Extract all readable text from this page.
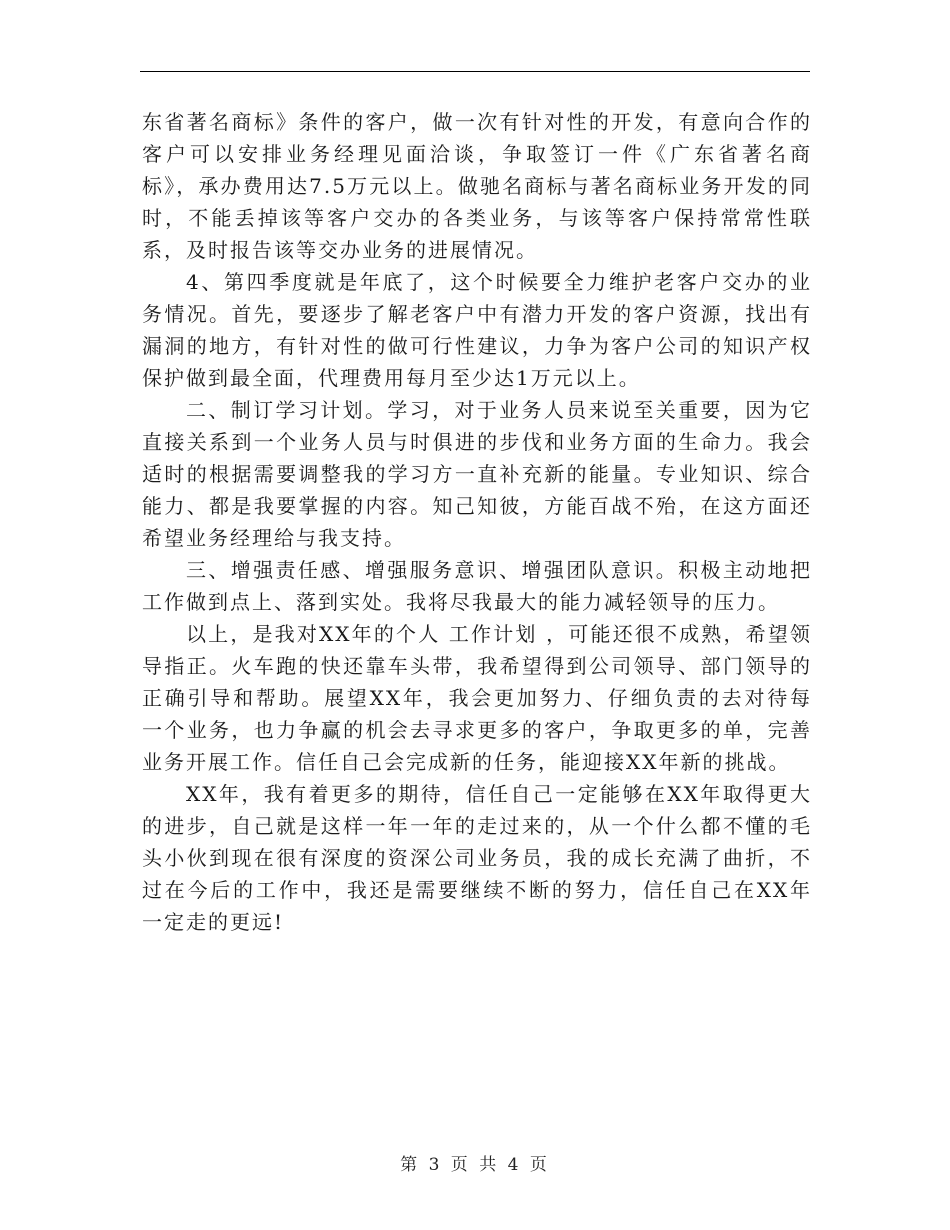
东省著名商标》条件的客户，做一次有针对性的开发，有意向合作的客户可以安排业务经理见面洽谈，争取签订一件《广东省著名商标》，承办费用达7.5万元以上。做驰名商标与著名商标业务开发的同时，不能丢掉该等客户交办的各类业务，与该等客户保持常常性联系，及时报告该等交办业务的进展情况。

4、第四季度就是年底了，这个时候要全力维护老客户交办的业务情况。首先，要逐步了解老客户中有潜力开发的客户资源，找出有漏洞的地方，有针对性的做可行性建议，力争为客户公司的知识产权保护做到最全面，代理费用每月至少达1万元以上。

二、制订学习计划。学习，对于业务人员来说至关重要，因为它直接关系到一个业务人员与时俱进的步伐和业务方面的生命力。我会适时的根据需要调整我的学习方一直补充新的能量。专业知识、综合能力、都是我要掌握的内容。知己知彼，方能百战不殆，在这方面还希望业务经理给与我支持。

三、增强责任感、增强服务意识、增强团队意识。积极主动地把工作做到点上、落到实处。我将尽我最大的能力减轻领导的压力。

以上，是我对XX年的个人 工作计划 ，可能还很不成熟，希望领导指正。火车跑的快还靠车头带，我希望得到公司领导、部门领导的正确引导和帮助。展望XX年，我会更加努力、仔细负责的去对待每一个业务，也力争赢的机会去寻求更多的客户，争取更多的单，完善业务开展工作。信任自己会完成新的任务，能迎接XX年新的挑战。

XX年，我有着更多的期待，信任自己一定能够在XX年取得更大的进步，自己就是这样一年一年的走过来的，从一个什么都不懂的毛头小伙到现在很有深度的资深公司业务员，我的成长充满了曲折，不过在今后的工作中，我还是需要继续不断的努力，信任自己在XX年一定走的更远!

第 3 页 共 4 页
